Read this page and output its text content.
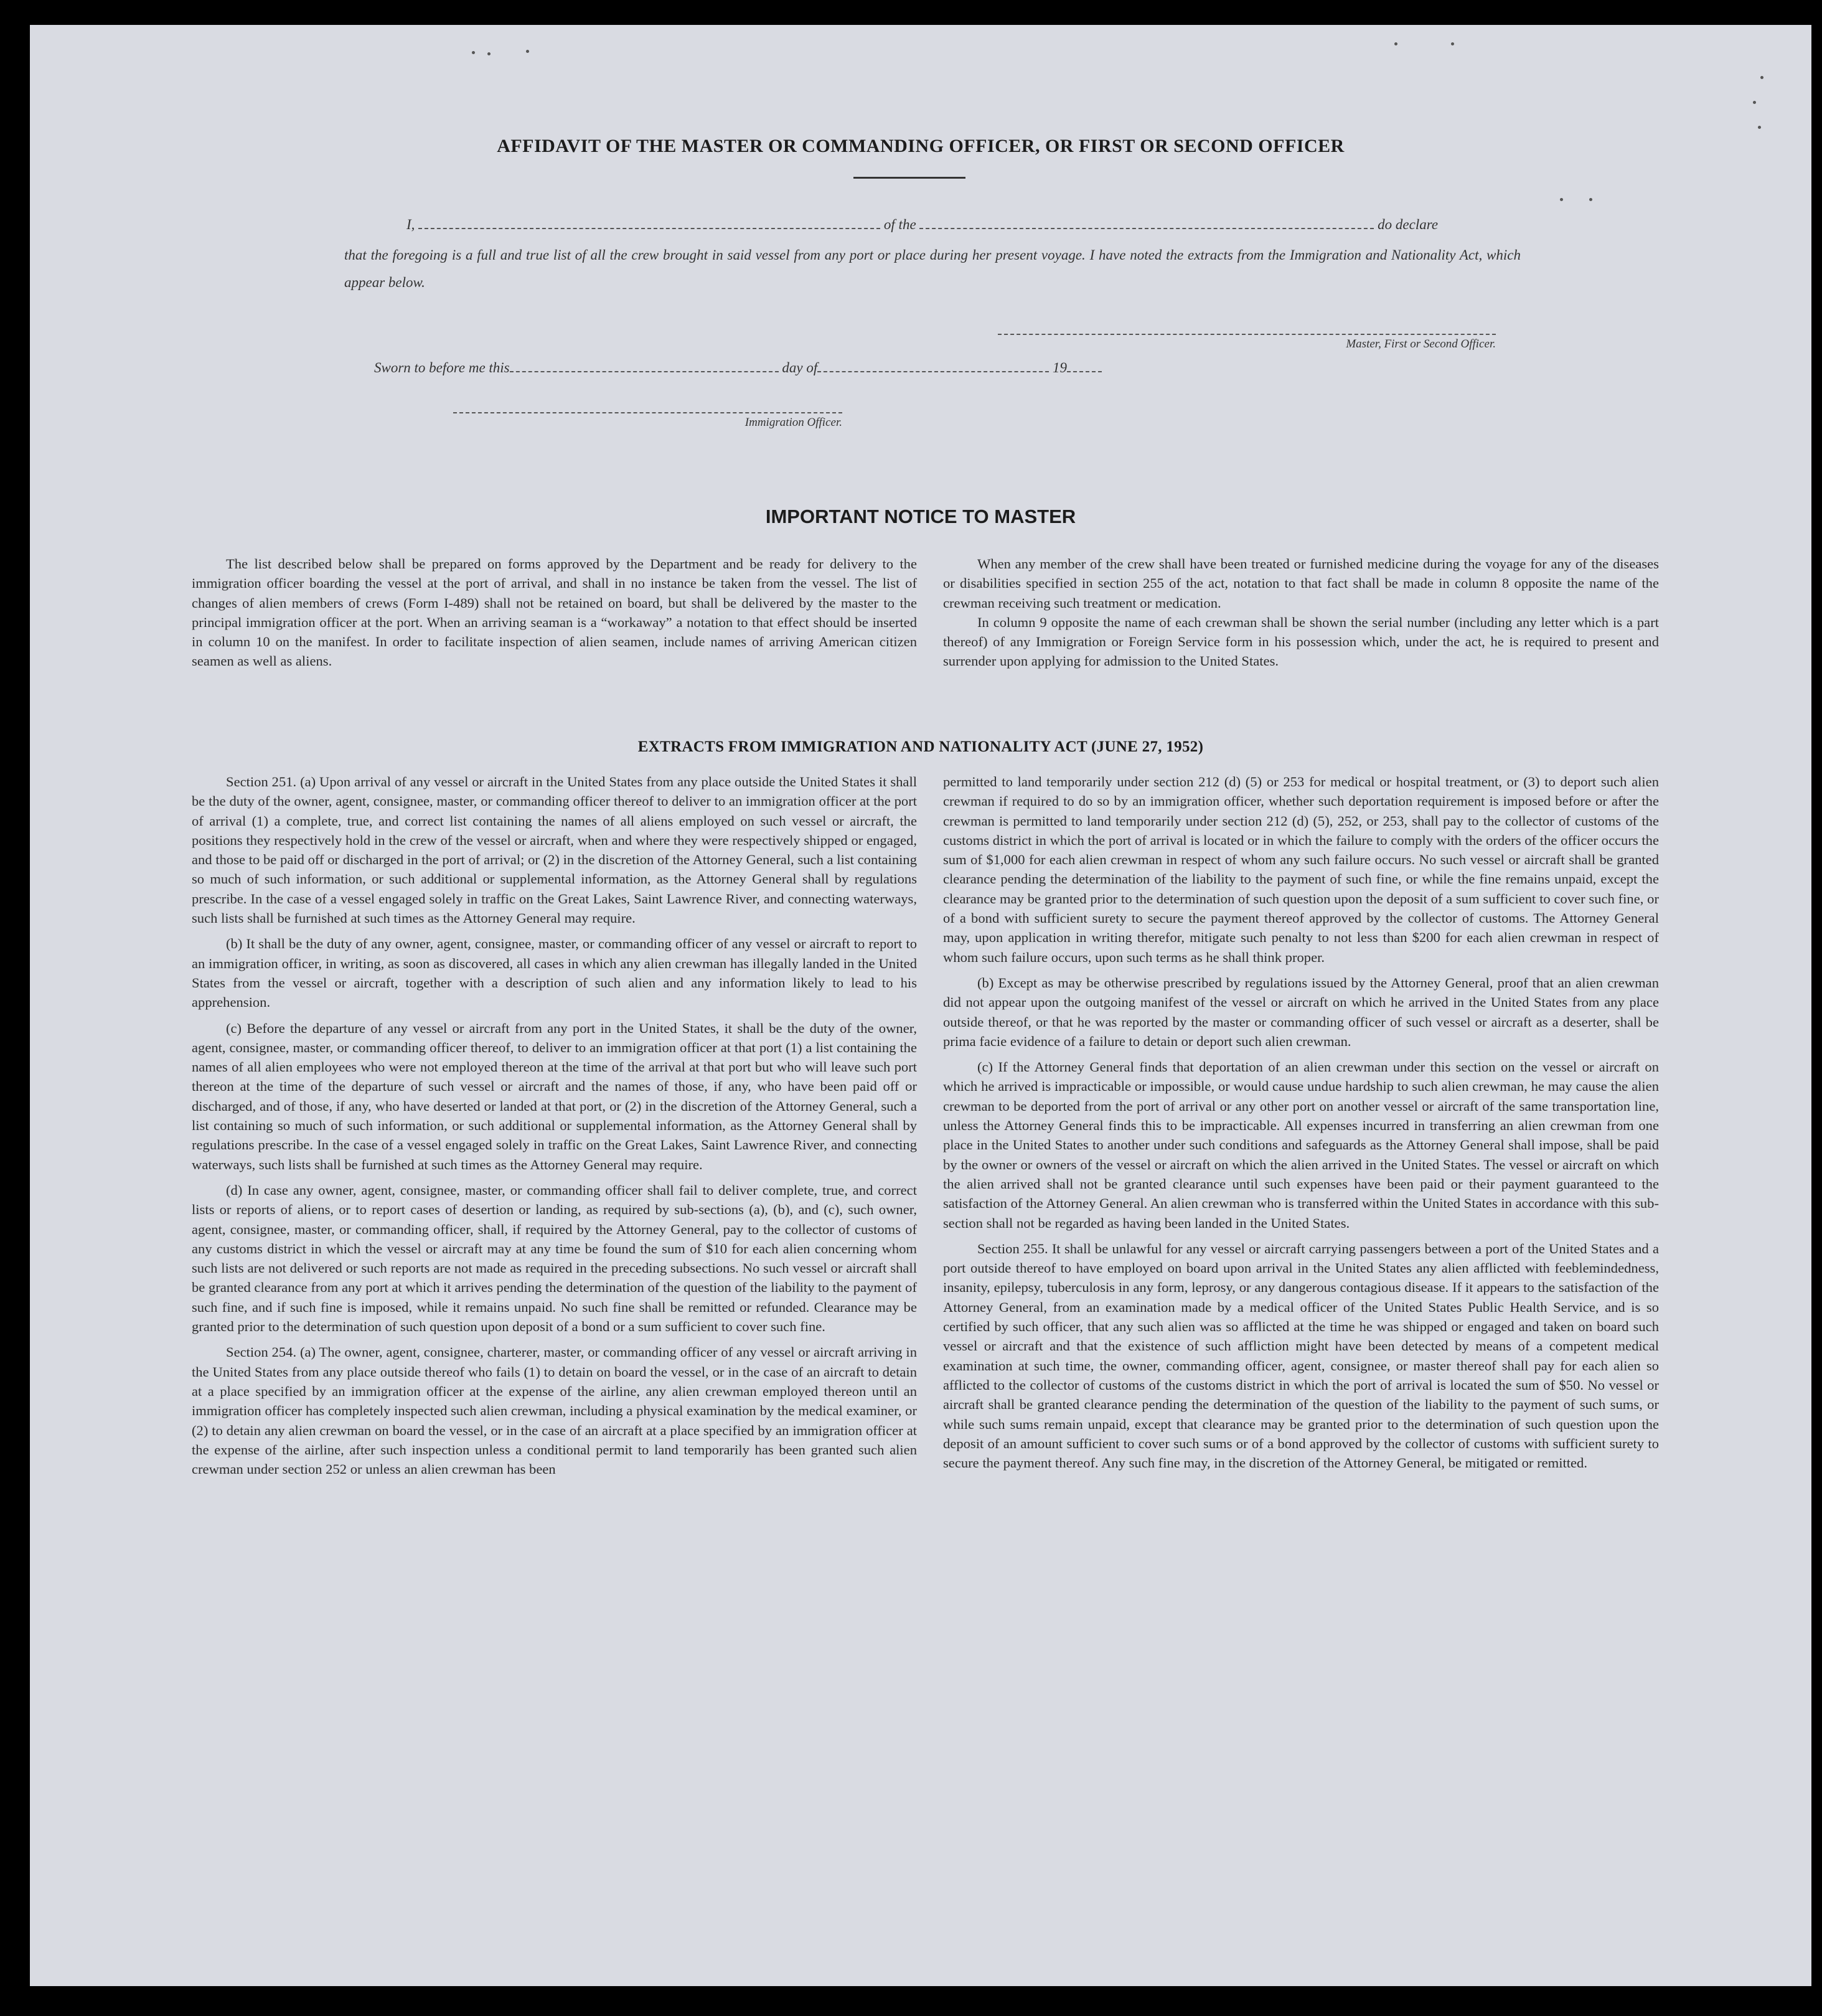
AFFIDAVIT OF THE MASTER OR COMMANDING OFFICER, OR FIRST OR SECOND OFFICER
I,	of the	do declare
that the foregoing is a full and true list of all the crew brought in said vessel from any port or place during her present voyage. I have noted the extracts from the Immigration and Nationality Act, which appear below.
Master, First or Second Officer.
Sworn to before me this	day of	19
Immigration Officer.
IMPORTANT NOTICE TO MASTER

The list described below shall be prepared on forms approved by the Department and be ready for delivery to the immigration officer boarding the vessel at the port of arrival, and shall in no instance be taken from the vessel. The list of changes of alien members of crews (Form I-489) shall not be retained on board, but shall be delivered by the master to the principal immigration officer at the port. When an arriving seaman is a “workaway” a notation to that effect should be inserted in column 10 on the manifest. In order to facilitate inspection of alien seamen, include names of arriving American citizen seamen as well as aliens.

When any member of the crew shall have been treated or furnished medicine during the voyage for any of the diseases or disabilities specified in section 255 of the act, notation to that fact shall be made in column 8 opposite the name of the crewman receiving such treatment or medication.

In column 9 opposite the name of each crewman shall be shown the serial number (including any letter which is a part thereof) of any Immigration or Foreign Service form in his possession which, under the act, he is required to present and surrender upon applying for admission to the United States.

EXTRACTS FROM IMMIGRATION AND NATIONALITY ACT (JUNE 27, 1952)

Section 251. (a) Upon arrival of any vessel or aircraft in the United States from any place outside the United States it shall be the duty of the owner, agent, consignee, master, or commanding officer thereof to deliver to an immigration officer at the port of arrival (1) a complete, true, and correct list containing the names of all aliens employed on such vessel or aircraft, the positions they respectively hold in the crew of the vessel or aircraft, when and where they were respectively shipped or engaged, and those to be paid off or discharged in the port of arrival; or (2) in the discretion of the Attorney General, such a list containing so much of such information, or such additional or supplemental information, as the Attorney General shall by regulations prescribe. In the case of a vessel engaged solely in traffic on the Great Lakes, Saint Lawrence River, and connecting waterways, such lists shall be furnished at such times as the Attorney General may require.

(b) It shall be the duty of any owner, agent, consignee, master, or commanding officer of any vessel or aircraft to report to an immigration officer, in writing, as soon as discovered, all cases in which any alien crewman has illegally landed in the United States from the vessel or aircraft, together with a description of such alien and any information likely to lead to his apprehension.

(c) Before the departure of any vessel or aircraft from any port in the United States, it shall be the duty of the owner, agent, consignee, master, or commanding officer thereof, to deliver to an immigration officer at that port (1) a list containing the names of all alien employees who were not employed thereon at the time of the arrival at that port but who will leave such port thereon at the time of the departure of such vessel or aircraft and the names of those, if any, who have been paid off or discharged, and of those, if any, who have deserted or landed at that port, or (2) in the discretion of the Attorney General, such a list containing so much of such information, or such additional or supplemental information, as the Attorney General shall by regulations prescribe. In the case of a vessel engaged solely in traffic on the Great Lakes, Saint Lawrence River, and connecting waterways, such lists shall be furnished at such times as the Attorney General may require.

(d) In case any owner, agent, consignee, master, or commanding officer shall fail to deliver complete, true, and correct lists or reports of aliens, or to report cases of desertion or landing, as required by sub-sections (a), (b), and (c), such owner, agent, consignee, master, or commanding officer, shall, if required by the Attorney General, pay to the collector of customs of any customs district in which the vessel or aircraft may at any time be found the sum of $10 for each alien concerning whom such lists are not delivered or such reports are not made as required in the preceding subsections. No such vessel or aircraft shall be granted clearance from any port at which it arrives pending the determination of the question of the liability to the payment of such fine, and if such fine is imposed, while it remains unpaid. No such fine shall be remitted or refunded. Clearance may be granted prior to the determination of such question upon deposit of a bond or a sum sufficient to cover such fine.

Section 254. (a) The owner, agent, consignee, charterer, master, or commanding officer of any vessel or aircraft arriving in the United States from any place outside thereof who fails (1) to detain on board the vessel, or in the case of an aircraft to detain at a place specified by an immigration officer at the expense of the airline, any alien crewman employed thereon until an immigration officer has completely inspected such alien crewman, including a physical examination by the medical examiner, or (2) to detain any alien crewman on board the vessel, or in the case of an aircraft at a place specified by an immigration officer at the expense of the airline, after such inspection unless a conditional permit to land temporarily has been granted such alien crewman under section 252 or unless an alien crewman has been

permitted to land temporarily under section 212 (d) (5) or 253 for medical or hospital treatment, or (3) to deport such alien crewman if required to do so by an immigration officer, whether such deportation requirement is imposed before or after the crewman is permitted to land temporarily under section 212 (d) (5), 252, or 253, shall pay to the collector of customs of the customs district in which the port of arrival is located or in which the failure to comply with the orders of the officer occurs the sum of $1,000 for each alien crewman in respect of whom any such failure occurs. No such vessel or aircraft shall be granted clearance pending the determination of the liability to the payment of such fine, or while the fine remains unpaid, except the clearance may be granted prior to the determination of such question upon the deposit of a sum sufficient to cover such fine, or of a bond with sufficient surety to secure the payment thereof approved by the collector of customs. The Attorney General may, upon application in writing therefor, mitigate such penalty to not less than $200 for each alien crewman in respect of whom such failure occurs, upon such terms as he shall think proper.

(b) Except as may be otherwise prescribed by regulations issued by the Attorney General, proof that an alien crewman did not appear upon the outgoing manifest of the vessel or aircraft on which he arrived in the United States from any place outside thereof, or that he was reported by the master or commanding officer of such vessel or aircraft as a deserter, shall be prima facie evidence of a failure to detain or deport such alien crewman.

(c) If the Attorney General finds that deportation of an alien crewman under this section on the vessel or aircraft on which he arrived is impracticable or impossible, or would cause undue hardship to such alien crewman, he may cause the alien crewman to be deported from the port of arrival or any other port on another vessel or aircraft of the same transportation line, unless the Attorney General finds this to be impracticable. All expenses incurred in transferring an alien crewman from one place in the United States to another under such conditions and safeguards as the Attorney General shall impose, shall be paid by the owner or owners of the vessel or aircraft on which the alien arrived in the United States. The vessel or aircraft on which the alien arrived shall not be granted clearance until such expenses have been paid or their payment guaranteed to the satisfaction of the Attorney General. An alien crewman who is transferred within the United States in accordance with this sub-section shall not be regarded as having been landed in the United States.

Section 255. It shall be unlawful for any vessel or aircraft carrying passengers between a port of the United States and a port outside thereof to have employed on board upon arrival in the United States any alien afflicted with feeblemindedness, insanity, epilepsy, tuberculosis in any form, leprosy, or any dangerous contagious disease. If it appears to the satisfaction of the Attorney General, from an examination made by a medical officer of the United States Public Health Service, and is so certified by such officer, that any such alien was so afflicted at the time he was shipped or engaged and taken on board such vessel or aircraft and that the existence of such affliction might have been detected by means of a competent medical examination at such time, the owner, commanding officer, agent, consignee, or master thereof shall pay for each alien so afflicted to the collector of customs of the customs district in which the port of arrival is located the sum of $50. No vessel or aircraft shall be granted clearance pending the determination of the question of the liability to the payment of such sums, or while such sums remain unpaid, except that clearance may be granted prior to the determination of such question upon the deposit of an amount sufficient to cover such sums or of a bond approved by the collector of customs with sufficient surety to secure the payment thereof. Any such fine may, in the discretion of the Attorney General, be mitigated or remitted.
